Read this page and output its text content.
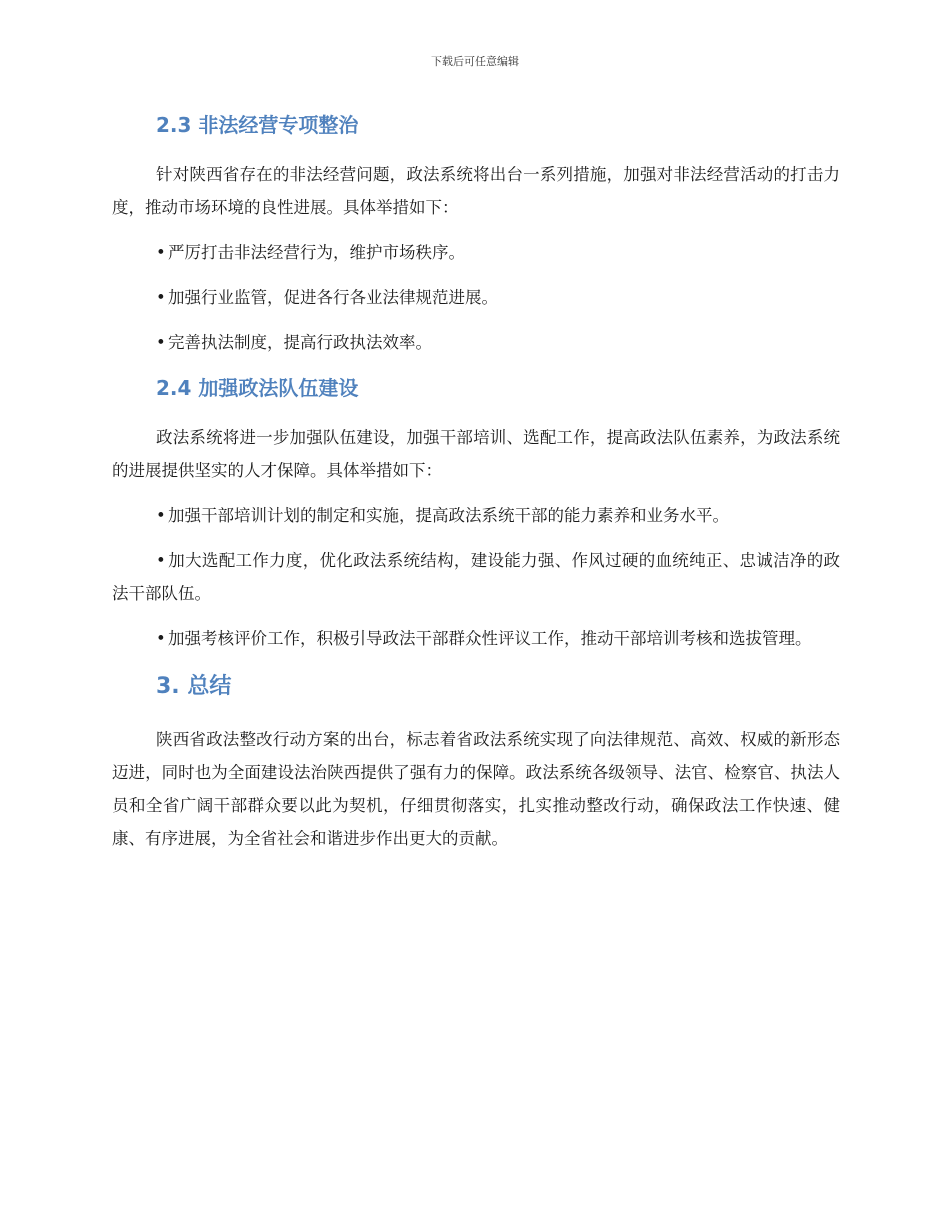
下载后可任意编辑
2.3 非法经营专项整治

针对陕西省存在的非法经营问题，政法系统将出台一系列措施，加强对非法经营活动的打击力度，推动市场环境的良性进展。具体举措如下：

• 严厉打击非法经营行为，维护市场秩序。

• 加强行业监管，促进各行各业法律规范进展。

• 完善执法制度，提高行政执法效率。

2.4 加强政法队伍建设

政法系统将进一步加强队伍建设，加强干部培训、选配工作，提高政法队伍素养，为政法系统的进展提供坚实的人才保障。具体举措如下：

• 加强干部培训计划的制定和实施，提高政法系统干部的能力素养和业务水平。

• 加大选配工作力度，优化政法系统结构，建设能力强、作风过硬的血统纯正、忠诚洁净的政法干部队伍。

• 加强考核评价工作，积极引导政法干部群众性评议工作，推动干部培训考核和选拔管理。

3. 总结

陕西省政法整改行动方案的出台，标志着省政法系统实现了向法律规范、高效、权威的新形态迈进，同时也为全面建设法治陕西提供了强有力的保障。政法系统各级领导、法官、检察官、执法人员和全省广阔干部群众要以此为契机，仔细贯彻落实，扎实推动整改行动，确保政法工作快速、健康、有序进展，为全省社会和谐进步作出更大的贡献。
